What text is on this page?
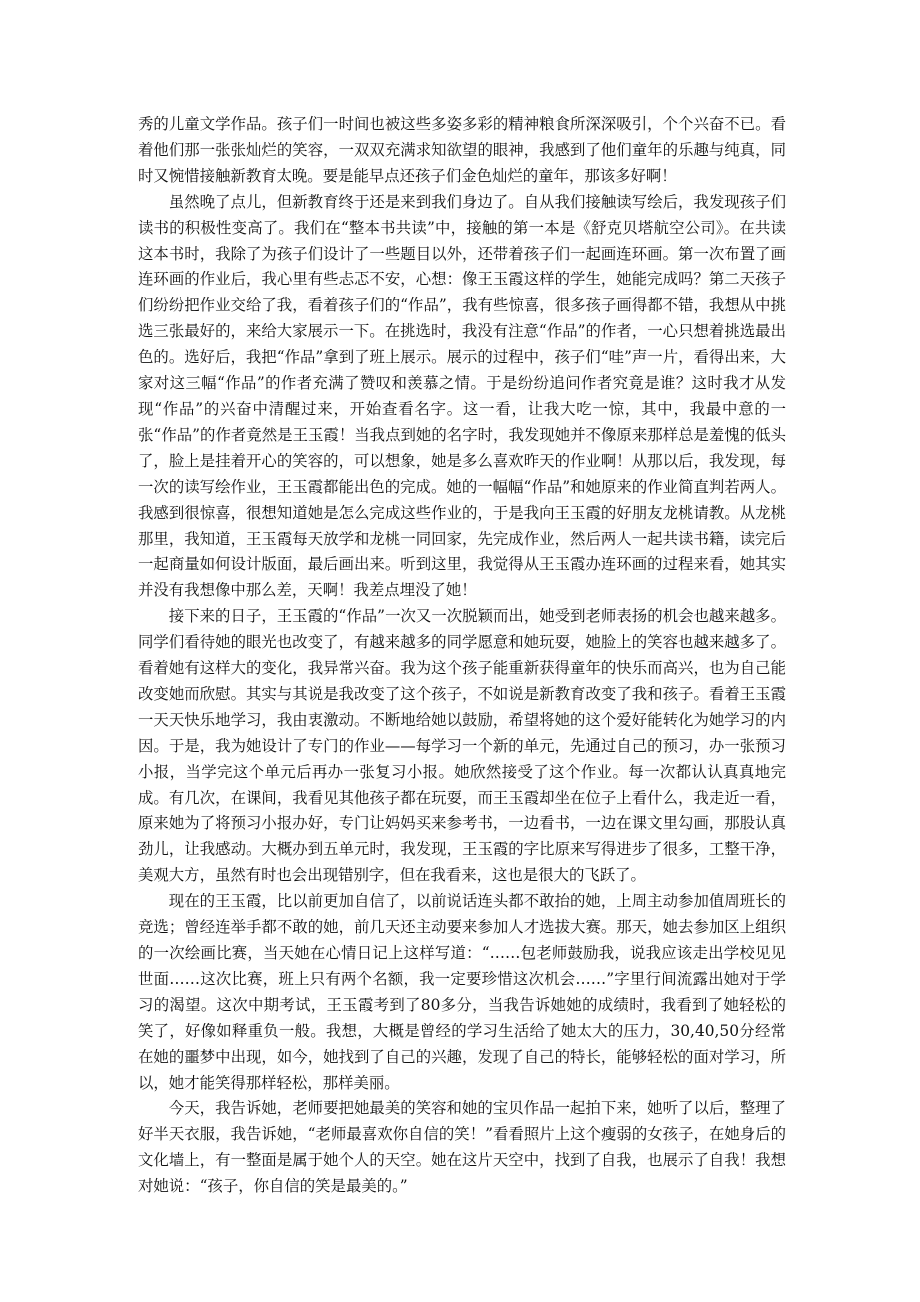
秀的儿童文学作品。孩子们一时间也被这些多姿多彩的精神粮食所深深吸引，个个兴奋不已。看着他们那一张张灿烂的笑容，一双双充满求知欲望的眼神，我感到了他们童年的乐趣与纯真，同时又惋惜接触新教育太晚。要是能早点还孩子们金色灿烂的童年，那该多好啊！

虽然晚了点儿，但新教育终于还是来到我们身边了。自从我们接触读写绘后，我发现孩子们读书的积极性变高了。我们在“整本书共读”中，接触的第一本是《舒克贝塔航空公司》。在共读这本书时，我除了为孩子们设计了一些题目以外，还带着孩子们一起画连环画。第一次布置了画连环画的作业后，我心里有些忐忑不安，心想：像王玉霞这样的学生，她能完成吗？第二天孩子们纷纷把作业交给了我，看着孩子们的“作品”，我有些惊喜，很多孩子画得都不错，我想从中挑选三张最好的，来给大家展示一下。在挑选时，我没有注意“作品”的作者，一心只想着挑选最出色的。选好后，我把“作品”拿到了班上展示。展示的过程中，孩子们“哇”声一片，看得出来，大家对这三幅“作品”的作者充满了赞叹和羡慕之情。于是纷纷追问作者究竟是谁？这时我才从发现“作品”的兴奋中清醒过来，开始查看名字。这一看，让我大吃一惊，其中，我最中意的一张“作品”的作者竟然是王玉霞！当我点到她的名字时，我发现她并不像原来那样总是羞愧的低头了，脸上是挂着开心的笑容的，可以想象，她是多么喜欢昨天的作业啊！从那以后，我发现，每一次的读写绘作业，王玉霞都能出色的完成。她的一幅幅“作品”和她原来的作业简直判若两人。我感到很惊喜，很想知道她是怎么完成这些作业的，于是我向王玉霞的好朋友龙桃请教。从龙桃那里，我知道，王玉霞每天放学和龙桃一同回家，先完成作业，然后两人一起共读书籍，读完后一起商量如何设计版面，最后画出来。听到这里，我觉得从王玉霞办连环画的过程来看，她其实并没有我想像中那么差，天啊！我差点埋没了她！

接下来的日子，王玉霞的“作品”一次又一次脱颖而出，她受到老师表扬的机会也越来越多。同学们看待她的眼光也改变了，有越来越多的同学愿意和她玩耍，她脸上的笑容也越来越多了。看着她有这样大的变化，我异常兴奋。我为这个孩子能重新获得童年的快乐而高兴，也为自己能改变她而欣慰。其实与其说是我改变了这个孩子，不如说是新教育改变了我和孩子。看着王玉霞一天天快乐地学习，我由衷激动。不断地给她以鼓励，希望将她的这个爱好能转化为她学习的内因。于是，我为她设计了专门的作业——每学习一个新的单元，先通过自己的预习，办一张预习小报，当学完这个单元后再办一张复习小报。她欣然接受了这个作业。每一次都认认真真地完成。有几次，在课间，我看见其他孩子都在玩耍，而王玉霞却坐在位子上看什么，我走近一看，原来她为了将预习小报办好，专门让妈妈买来参考书，一边看书，一边在课文里勾画，那股认真劲儿，让我感动。大概办到五单元时，我发现，王玉霞的字比原来写得进步了很多，工整干净，美观大方，虽然有时也会出现错别字，但在我看来，这也是很大的飞跃了。

现在的王玉霞，比以前更加自信了，以前说话连头都不敢抬的她，上周主动参加值周班长的竞选；曾经连举手都不敢的她，前几天还主动要来参加人才选拔大赛。那天，她去参加区上组织的一次绘画比赛，当天她在心情日记上这样写道：“……包老师鼓励我，说我应该走出学校见见世面……这次比赛，班上只有两个名额，我一定要珍惜这次机会……”字里行间流露出她对于学习的渴望。这次中期考试，王玉霞考到了80多分，当我告诉她她的成绩时，我看到了她轻松的笑了，好像如释重负一般。我想，大概是曾经的学习生活给了她太大的压力，30,40,50分经常在她的噩梦中出现，如今，她找到了自己的兴趣，发现了自己的特长，能够轻松的面对学习，所以，她才能笑得那样轻松，那样美丽。

今天，我告诉她，老师要把她最美的笑容和她的宝贝作品一起拍下来，她听了以后，整理了好半天衣服，我告诉她，“老师最喜欢你自信的笑！”看看照片上这个瘦弱的女孩子，在她身后的文化墙上，有一整面是属于她个人的天空。她在这片天空中，找到了自我，也展示了自我！我想对她说：“孩子，你自信的笑是最美的。”
